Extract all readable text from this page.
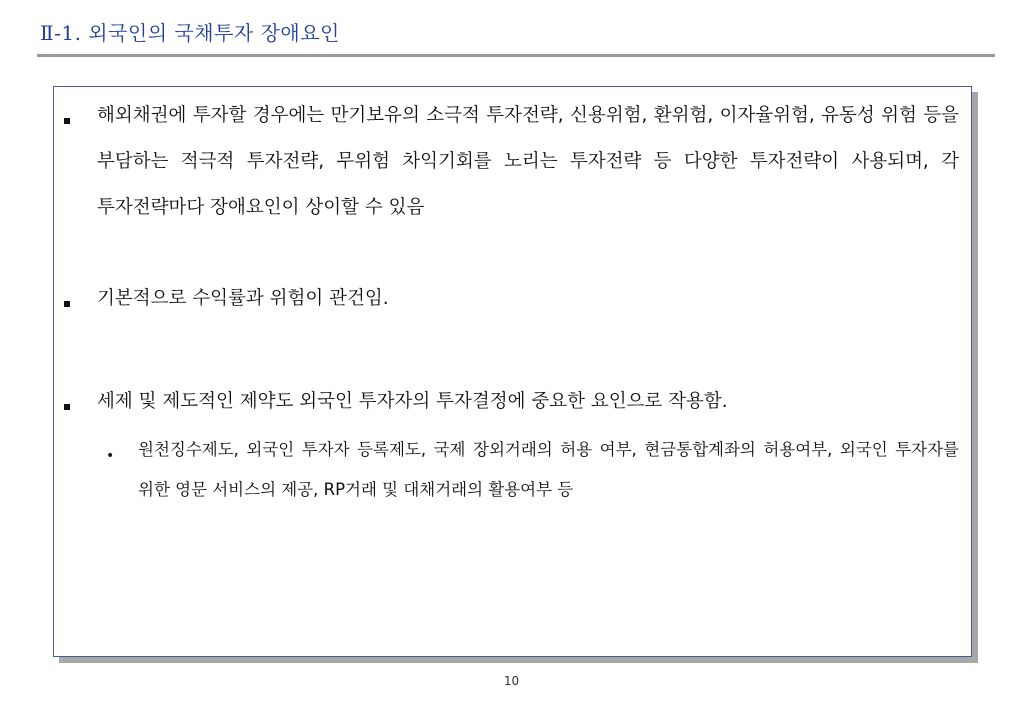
Ⅱ-1. 외국인의 국채투자 장애요인
해외채권에 투자할 경우에는 만기보유의 소극적 투자전략, 신용위험, 환위험, 이자율위험, 유동성 위험 등을 부담하는 적극적 투자전략, 무위험 차익기회를 노리는 투자전략 등 다양한 투자전략이 사용되며, 각 투자전략마다 장애요인이 상이할 수 있음
기본적으로 수익률과 위험이 관건임.
세제 및 제도적인 제약도 외국인 투자자의 투자결정에 중요한 요인으로 작용함.
• 원천징수제도, 외국인 투자자 등록제도, 국제 장외거래의 허용 여부, 현금통합계좌의 허용여부, 외국인 투자자를 위한 영문 서비스의 제공, RP거래 및 대채거래의 활용여부 등
10
